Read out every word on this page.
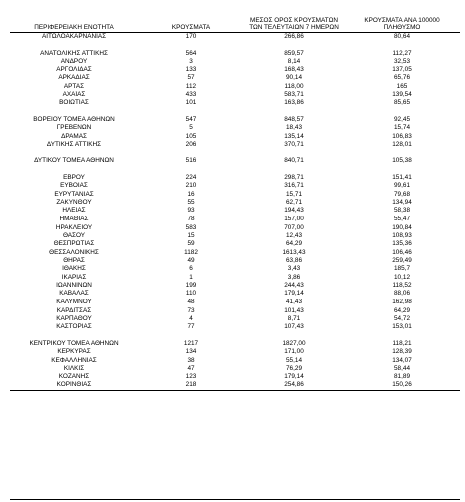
ΠΕΡΙΦΕΡΕΙΑΚΗ ΕΝΟΤΗΤΑ	ΚΡΟΥΣΜΑΤΑ	ΜΕΣΟΣ ΟΡΟΣ ΚΡΟΥΣΜΑΤΩΝ
ΤΩΝ ΤΕΛΕΥΤΑΙΩΝ 7 ΗΜΕΡΩΝ	ΚΡΟΥΣΜΑΤΑ ΑΝΑ 100000
ΠΛΗΘΥΣΜΟ
ΑΙΤΩΛΟΑΚΑΡΝΑΝΙΑΣ	170	266,86	80,64

ΑΝΑΤΟΛΙΚΗΣ ΑΤΤΙΚΗΣ	564	859,57	112,27
ΑΝΔΡΟΥ	3	8,14	32,53
ΑΡΓΟΛΙΔΑΣ	133	168,43	137,05
ΑΡΚΑΔΙΑΣ	57	90,14	65,76
ΑΡΤΑΣ	112	118,00	165
ΑΧΑΪΑΣ	433	583,71	139,54
ΒΟΙΩΤΙΑΣ	101	163,86	85,65

ΒΟΡΕΙΟΥ ΤΟΜΕΑ ΑΘΗΝΩΝ	547	848,57	92,45
ΓΡΕΒΕΝΩΝ	5	18,43	15,74
ΔΡΑΜΑΣ	105	135,14	106,83
ΔΥΤΙΚΗΣ ΑΤΤΙΚΗΣ	206	370,71	128,01

ΔΥΤΙΚΟΥ ΤΟΜΕΑ ΑΘΗΝΩΝ	516	840,71	105,38

ΕΒΡΟΥ	224	298,71	151,41
ΕΥΒΟΙΑΣ	210	316,71	99,61
ΕΥΡΥΤΑΝΙΑΣ	16	15,71	79,68
ΖΑΚΥΝΘΟΥ	55	62,71	134,94
ΗΛΕΙΑΣ	93	194,43	58,38
ΗΜΑΘΙΑΣ	78	157,00	55,47
ΗΡΑΚΛΕΙΟΥ	583	707,00	190,84
ΘΑΣΟΥ	15	12,43	108,93
ΘΕΣΠΡΩΤΙΑΣ	59	64,29	135,36
ΘΕΣΣΑΛΟΝΙΚΗΣ	1182	1613,43	106,46
ΘΗΡΑΣ	49	63,86	259,49
ΙΘΑΚΗΣ	6	3,43	185,7
ΙΚΑΡΙΑΣ	1	3,86	10,12
ΙΩΑΝΝΙΝΩΝ	199	244,43	118,52
ΚΑΒΑΛΑΣ	110	179,14	88,06
ΚΑΛΥΜΝΟΥ	48	41,43	162,98
ΚΑΡΔΙΤΣΑΣ	73	101,43	64,29
ΚΑΡΠΑΘΟΥ	4	8,71	54,72
ΚΑΣΤΟΡΙΑΣ	77	107,43	153,01

ΚΕΝΤΡΙΚΟΥ ΤΟΜΕΑ ΑΘΗΝΩΝ	1217	1827,00	118,21
ΚΕΡΚΥΡΑΣ	134	171,00	128,39
ΚΕΦΑΛΛΗΝΙΑΣ	38	55,14	134,07
ΚΙΛΚΙΣ	47	76,29	58,44
ΚΟΖΑΝΗΣ	123	179,14	81,89
ΚΟΡΙΝΘΙΑΣ	218	254,86	150,26
